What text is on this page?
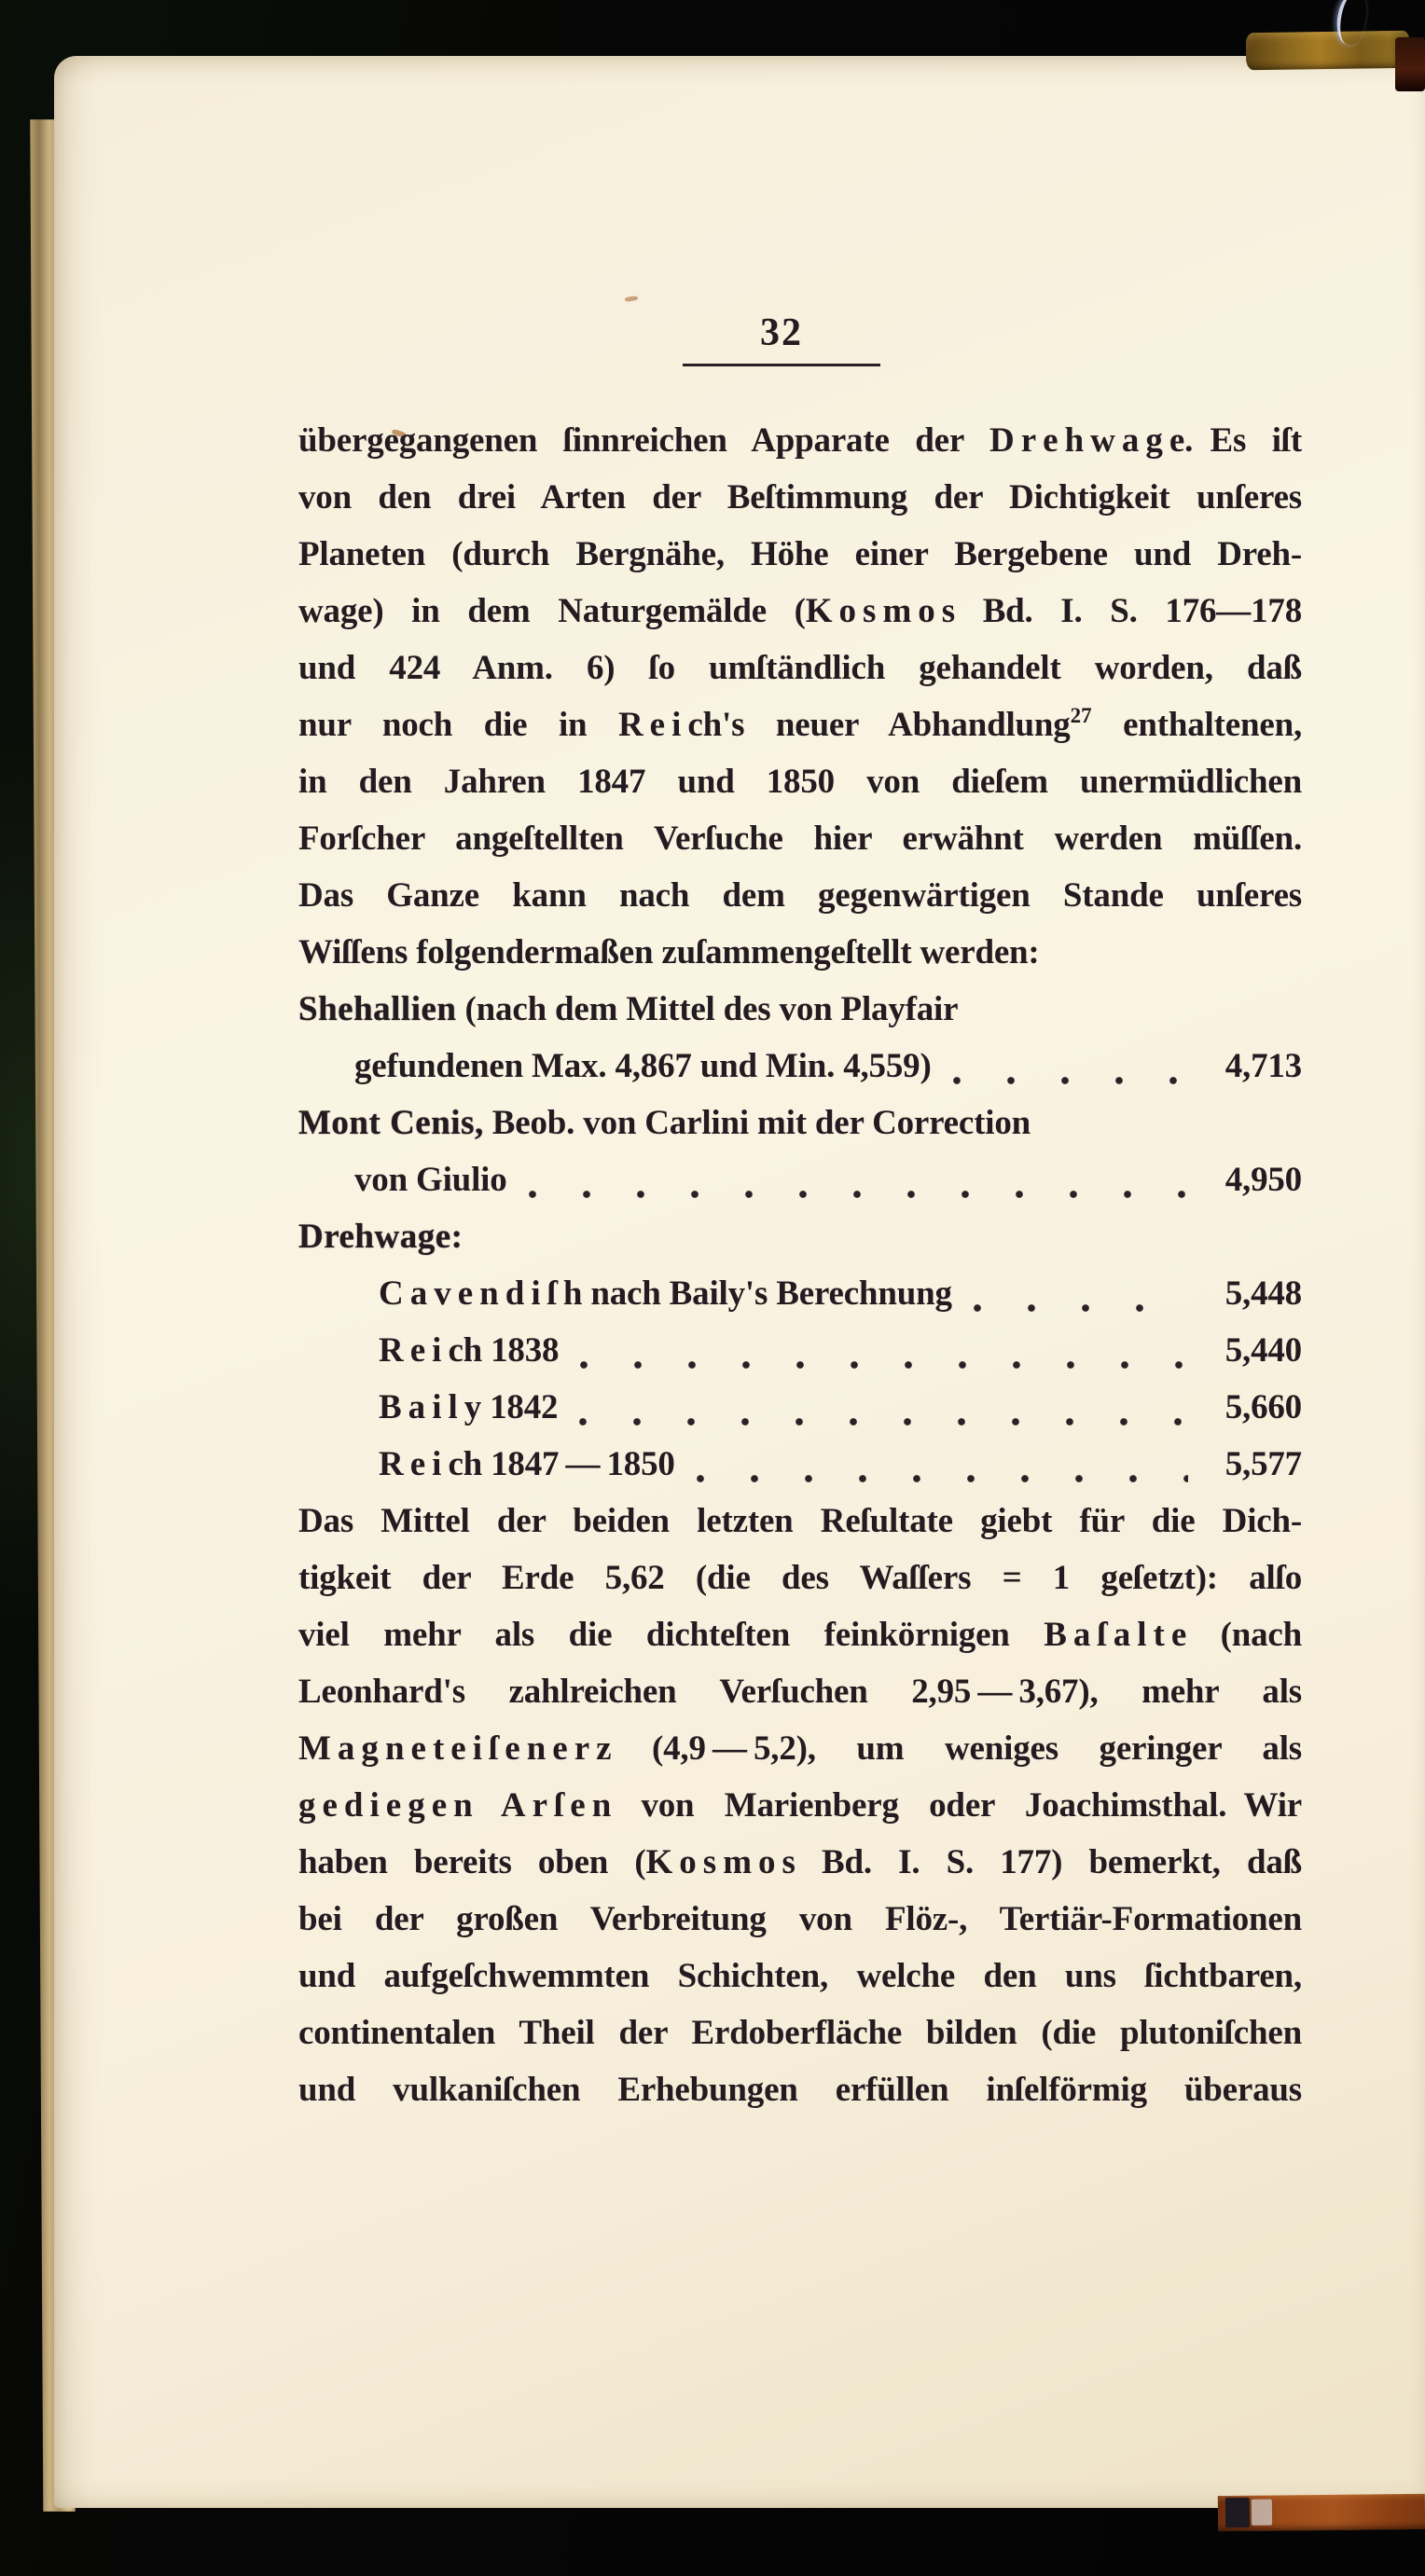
32
übergegangenen ſinnreichen Apparate der D r e h w a g e. Es iſt
von den drei Arten der Beſtimmung der Dichtigkeit unſeres
Planeten (durch Bergnähe, Höhe einer Bergebene und Dreh-
wage) in dem Naturgemälde (K o s m o s Bd. I. S. 176—178
und 424 Anm. 6) ſo umſtändlich gehandelt worden, daß
nur noch die in R e i ch's neuer Abhandlung$^{27}$ enthaltenen,
in den Jahren 1847 und 1850 von dieſem unermüdlichen
Forſcher angeſtellten Verſuche hier erwähnt werden müſſen.
Das Ganze kann nach dem gegenwärtigen Stande unſeres
Wiſſens folgendermaßen zuſammengeſtellt werden:
Shehallien (nach dem Mittel des von Playfair
gefundenen Max. 4,867 und Min. 4,559)	4,713
Mont Cenis, Beob. von Carlini mit der Correction
von Giulio	4,950
Drehwage:
C a v e n d i ſ h nach Baily's Berechnung	5,448
R e i ch 1838	5,440
B a i l y 1842	5,660
R e i ch 1847 — 1850	5,577
Das Mittel der beiden letzten Reſultate giebt für die Dich-
tigkeit der Erde 5,62 (die des Waſſers = 1 geſetzt): alſo
viel mehr als die dichteſten feinkörnigen B a ſ a l t e (nach
Leonhard's zahlreichen Verſuchen 2,95 — 3,67), mehr als
M a g n e t e i ſ e n e r z (4,9 — 5,2), um weniges geringer als
g e d i e g e n A r ſ e n von Marienberg oder Joachimsthal. Wir
haben bereits oben (K o s m o s Bd. I. S. 177) bemerkt, daß
bei der großen Verbreitung von Flöz-, Tertiär-Formationen
und aufgeſchwemmten Schichten, welche den uns ſichtbaren,
continentalen Theil der Erdoberfläche bilden (die plutoniſchen
und vulkaniſchen Erhebungen erfüllen inſelförmig überaus
